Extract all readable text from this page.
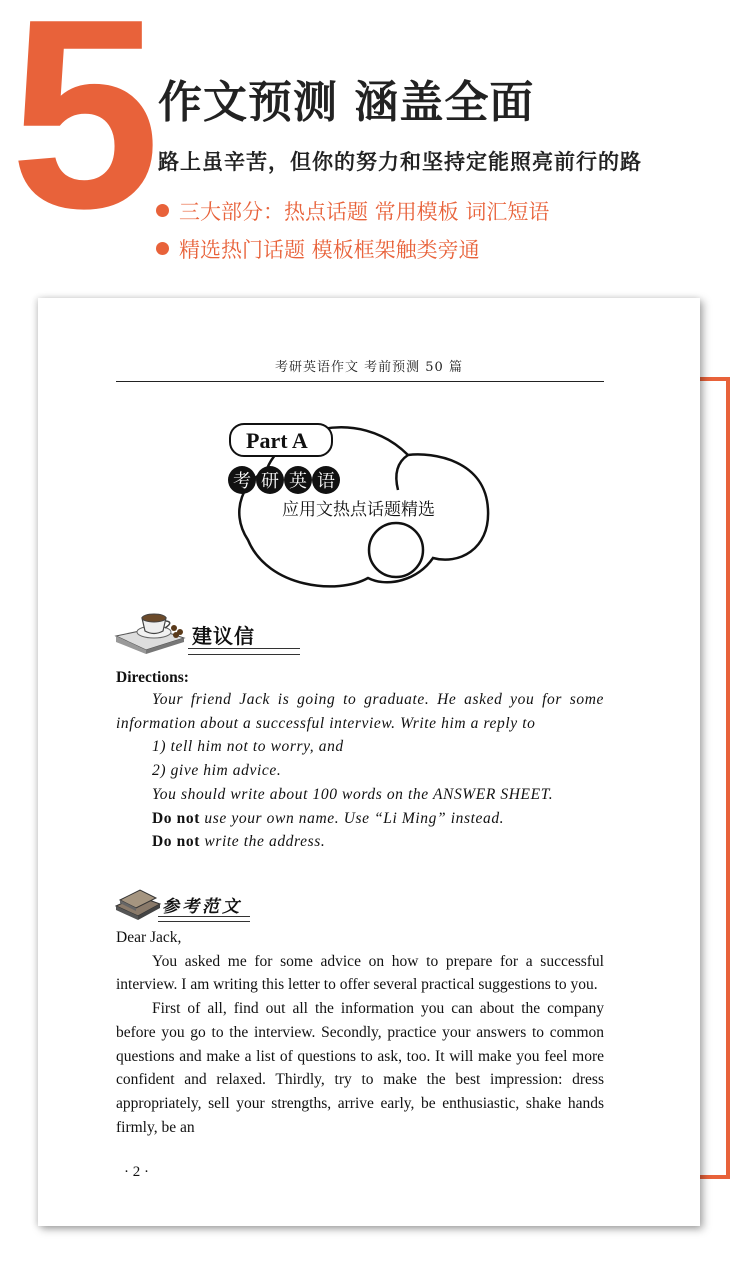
5 作文预测 涵盖全面
路上虽辛苦，但你的努力和坚持定能照亮前行的路
三大部分：热点话题 常用模板 词汇短语
精选热门话题 模板框架触类旁通
考研英语作文 考前预测 50 篇
Part A
考 研 英 语
应用文热点话题精选
建议信
Directions:

Your friend Jack is going to graduate. He asked you for some information about a successful interview. Write him a reply to

1) tell him not to worry, and

2) give him advice.

You should write about 100 words on the ANSWER SHEET.

Do not use your own name. Use “Li Ming” instead.

Do not write the address.

参考范文

Dear Jack,

You asked me for some advice on how to prepare for a successful interview. I am writing this letter to offer several practical suggestions to you.

First of all, find out all the information you can about the company before you go to the interview. Secondly, practice your answers to common questions and make a list of questions to ask, too. It will make you feel more confident and relaxed. Thirdly, try to make the best impression: dress appropriately, sell your strengths, arrive early, be enthusiastic, shake hands firmly, be an

· 2 ·
